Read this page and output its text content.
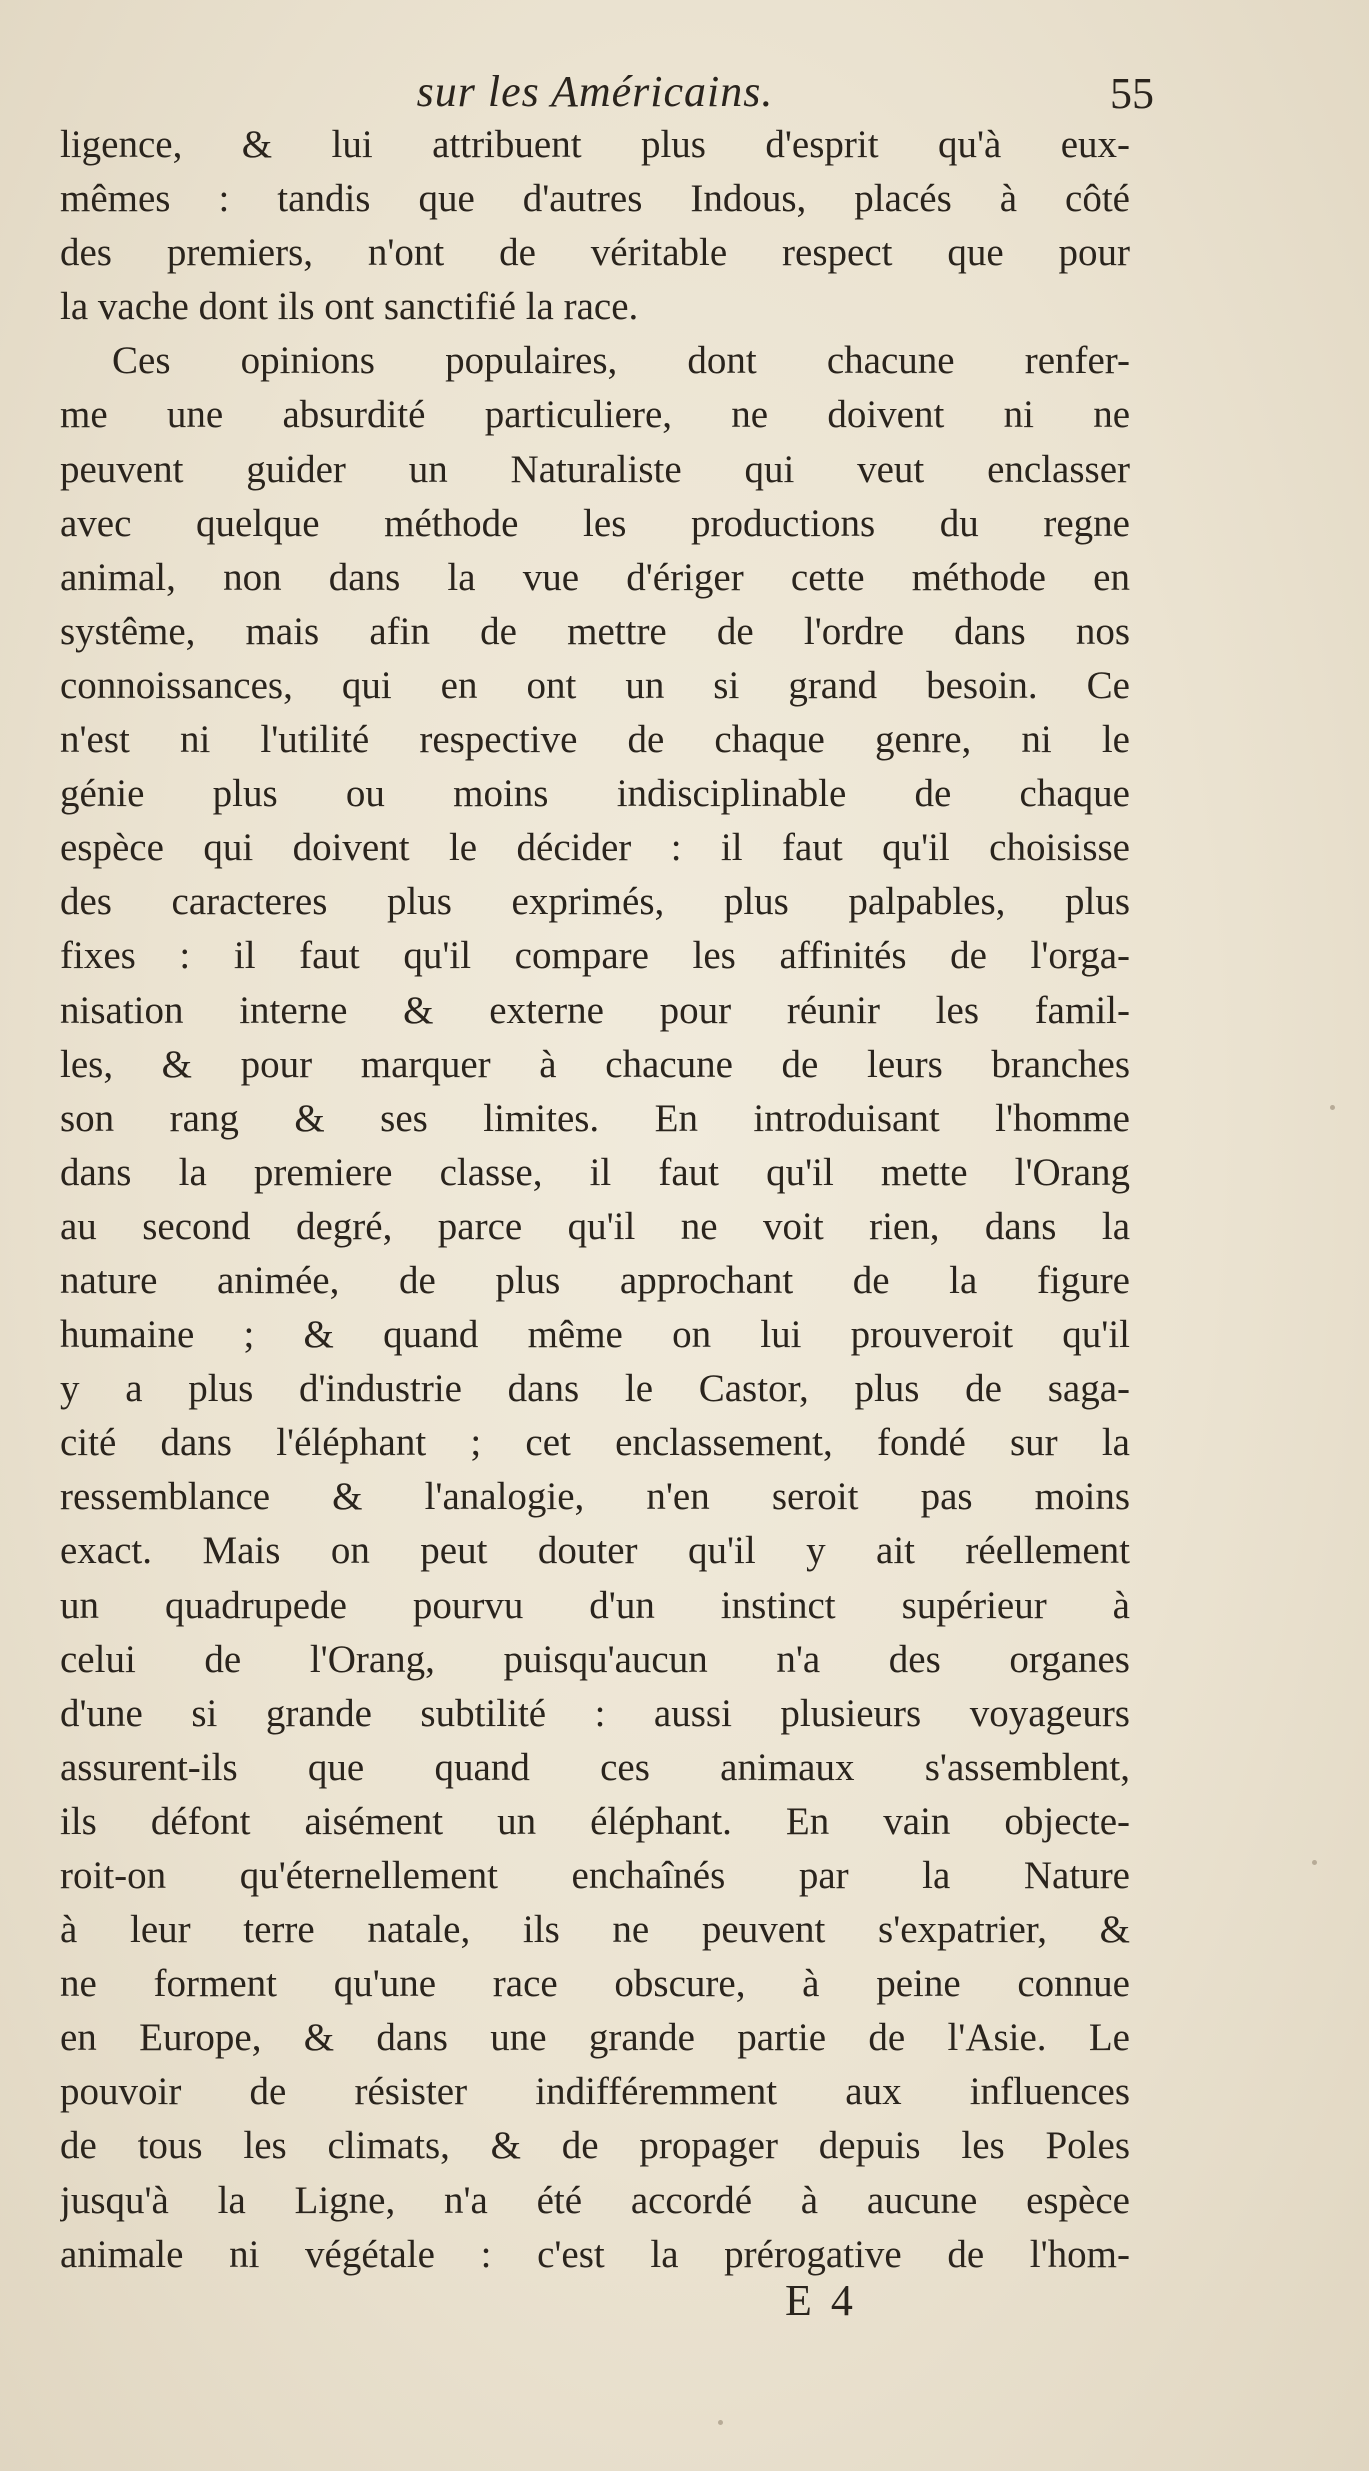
sur les Américains.	55
ligence, & lui attribuent plus d'esprit qu'à eux-
mêmes : tandis que d'autres Indous, placés à côté
des premiers, n'ont de véritable respect que pour
la vache dont ils ont sanctifié la race.
Ces opinions populaires, dont chacune renfer-
me une absurdité particuliere, ne doivent ni ne
peuvent guider un Naturaliste qui veut enclasser
avec quelque méthode les productions du regne
animal, non dans la vue d'ériger cette méthode en
systême, mais afin de mettre de l'ordre dans nos
connoissances, qui en ont un si grand besoin. Ce
n'est ni l'utilité respective de chaque genre, ni le
génie plus ou moins indisciplinable de chaque
espèce qui doivent le décider : il faut qu'il choisisse
des caracteres plus exprimés, plus palpables, plus
fixes : il faut qu'il compare les affinités de l'orga-
nisation interne & externe pour réunir les famil-
les, & pour marquer à chacune de leurs branches
son rang & ses limites. En introduisant l'homme
dans la premiere classe, il faut qu'il mette l'Orang
au second degré, parce qu'il ne voit rien, dans la
nature animée, de plus approchant de la figure
humaine ; & quand même on lui prouveroit qu'il
y a plus d'industrie dans le Castor, plus de saga-
cité dans l'éléphant ; cet enclassement, fondé sur la
ressemblance & l'analogie, n'en seroit pas moins
exact. Mais on peut douter qu'il y ait réellement
un quadrupede pourvu d'un instinct supérieur à
celui de l'Orang, puisqu'aucun n'a des organes
d'une si grande subtilité : aussi plusieurs voyageurs
assurent-ils que quand ces animaux s'assemblent,
ils défont aisément un éléphant. En vain objecte-
roit-on qu'éternellement enchaînés par la Nature
à leur terre natale, ils ne peuvent s'expatrier, &
ne forment qu'une race obscure, à peine connue
en Europe, & dans une grande partie de l'Asie. Le
pouvoir de résister indifféremment aux influences
de tous les climats, & de propager depuis les Poles
jusqu'à la Ligne, n'a été accordé à aucune espèce
animale ni végétale : c'est la prérogative de l'hom-
E 4
